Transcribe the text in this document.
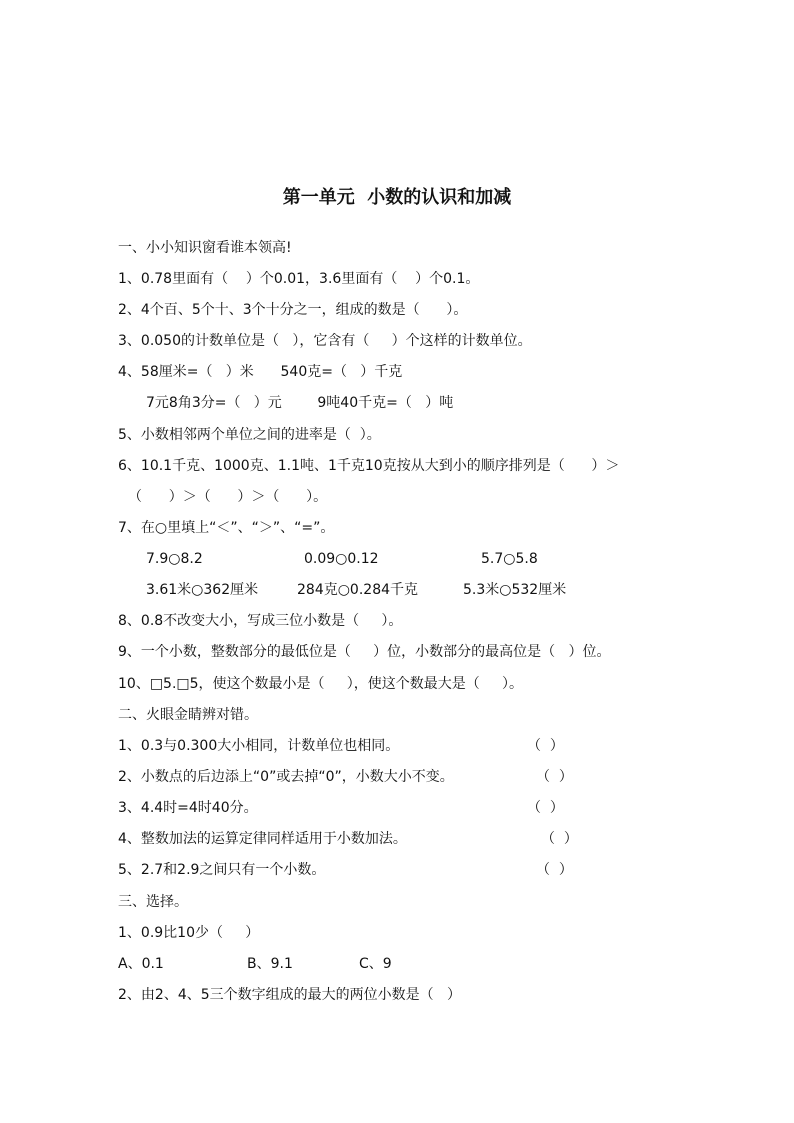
第一单元  小数的认识和加减
一、小小知识窗看谁本领高!
1、0.78里面有（    ）个0.01，3.6里面有（    ）个0.1。
2、4个百、5个十、3个十分之一，组成的数是（      ）。
3、0.050的计数单位是（   ），它含有（     ）个这样的计数单位。
4、58厘米=（   ）米      540克=（   ）千克
7元8角3分=（   ）元        9吨40千克=（   ）吨
5、小数相邻两个单位之间的进率是（  ）。
6、10.1千克、1000克、1.1吨、1千克10克按从大到小的顺序排列是（      ）＞
（      ）＞（      ）＞（      ）。
7、在○里填上“＜”、“＞”、“=”。
7.9○8.2	0.09○0.12	5.7○5.8
3.61米○362厘米	284克○0.284千克	5.3米○532厘米
8、0.8不改变大小，写成三位小数是（     ）。
9、一个小数，整数部分的最低位是（     ）位，小数部分的最高位是（   ）位。
10、□5.□5，使这个数最小是（     ），使这个数最大是（     ）。
二、火眼金睛辨对错。
1、0.3与0.300大小相同，计数单位也相同。	（  ）
2、小数点的后边添上“0”或去掉“0”，小数大小不变。	（  ）
3、4.4时=4时40分。	（  ）
4、整数加法的运算定律同样适用于小数加法。	（  ）
5、2.7和2.9之间只有一个小数。	（  ）
三、选择。
1、0.9比10少（     ）
A、0.1	B、9.1	C、9
2、由2、4、5三个数字组成的最大的两位小数是（   ）
